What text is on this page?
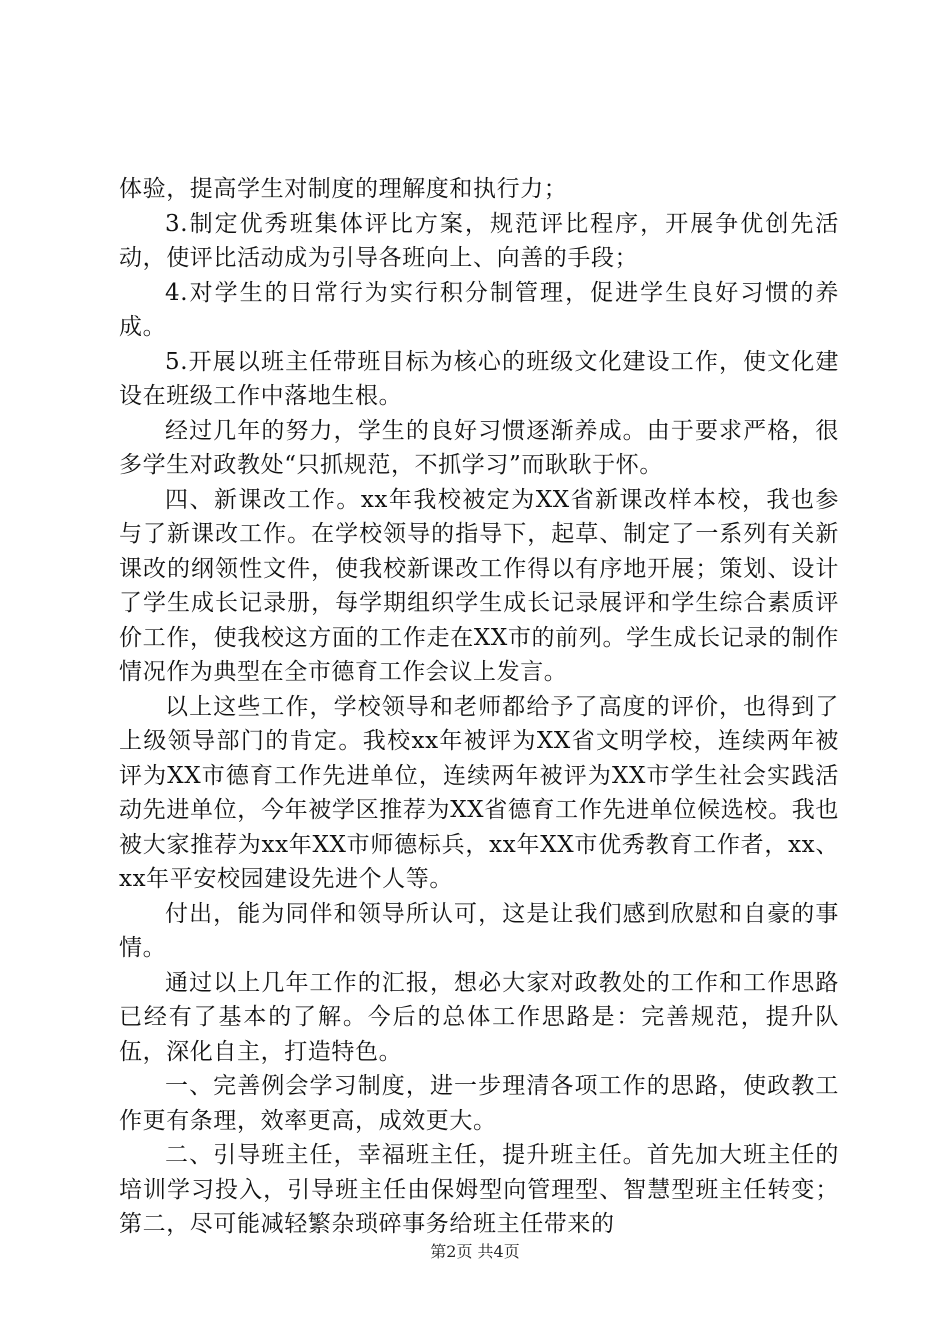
体验，提高学生对制度的理解度和执行力；

3.制定优秀班集体评比方案，规范评比程序，开展争优创先活动，使评比活动成为引导各班向上、向善的手段；

4.对学生的日常行为实行积分制管理，促进学生良好习惯的养成。

5.开展以班主任带班目标为核心的班级文化建设工作，使文化建设在班级工作中落地生根。

经过几年的努力，学生的良好习惯逐渐养成。由于要求严格，很多学生对政教处“只抓规范，不抓学习”而耿耿于怀。

四、新课改工作。xx年我校被定为XX省新课改样本校，我也参与了新课改工作。在学校领导的指导下，起草、制定了一系列有关新课改的纲领性文件，使我校新课改工作得以有序地开展；策划、设计了学生成长记录册，每学期组织学生成长记录展评和学生综合素质评价工作，使我校这方面的工作走在XX市的前列。学生成长记录的制作情况作为典型在全市德育工作会议上发言。

以上这些工作，学校领导和老师都给予了高度的评价，也得到了上级领导部门的肯定。我校xx年被评为XX省文明学校，连续两年被评为XX市德育工作先进单位，连续两年被评为XX市学生社会实践活动先进单位，今年被学区推荐为XX省德育工作先进单位候选校。我也被大家推荐为xx年XX市师德标兵，xx年XX市优秀教育工作者，xx、xx年平安校园建设先进个人等。

付出，能为同伴和领导所认可，这是让我们感到欣慰和自豪的事情。

通过以上几年工作的汇报，想必大家对政教处的工作和工作思路已经有了基本的了解。今后的总体工作思路是：完善规范，提升队伍，深化自主，打造特色。

一、完善例会学习制度，进一步理清各项工作的思路，使政教工作更有条理，效率更高，成效更大。

二、引导班主任，幸福班主任，提升班主任。首先加大班主任的培训学习投入，引导班主任由保姆型向管理型、智慧型班主任转变；第二，尽可能减轻繁杂琐碎事务给班主任带来的

第2页 共4页
